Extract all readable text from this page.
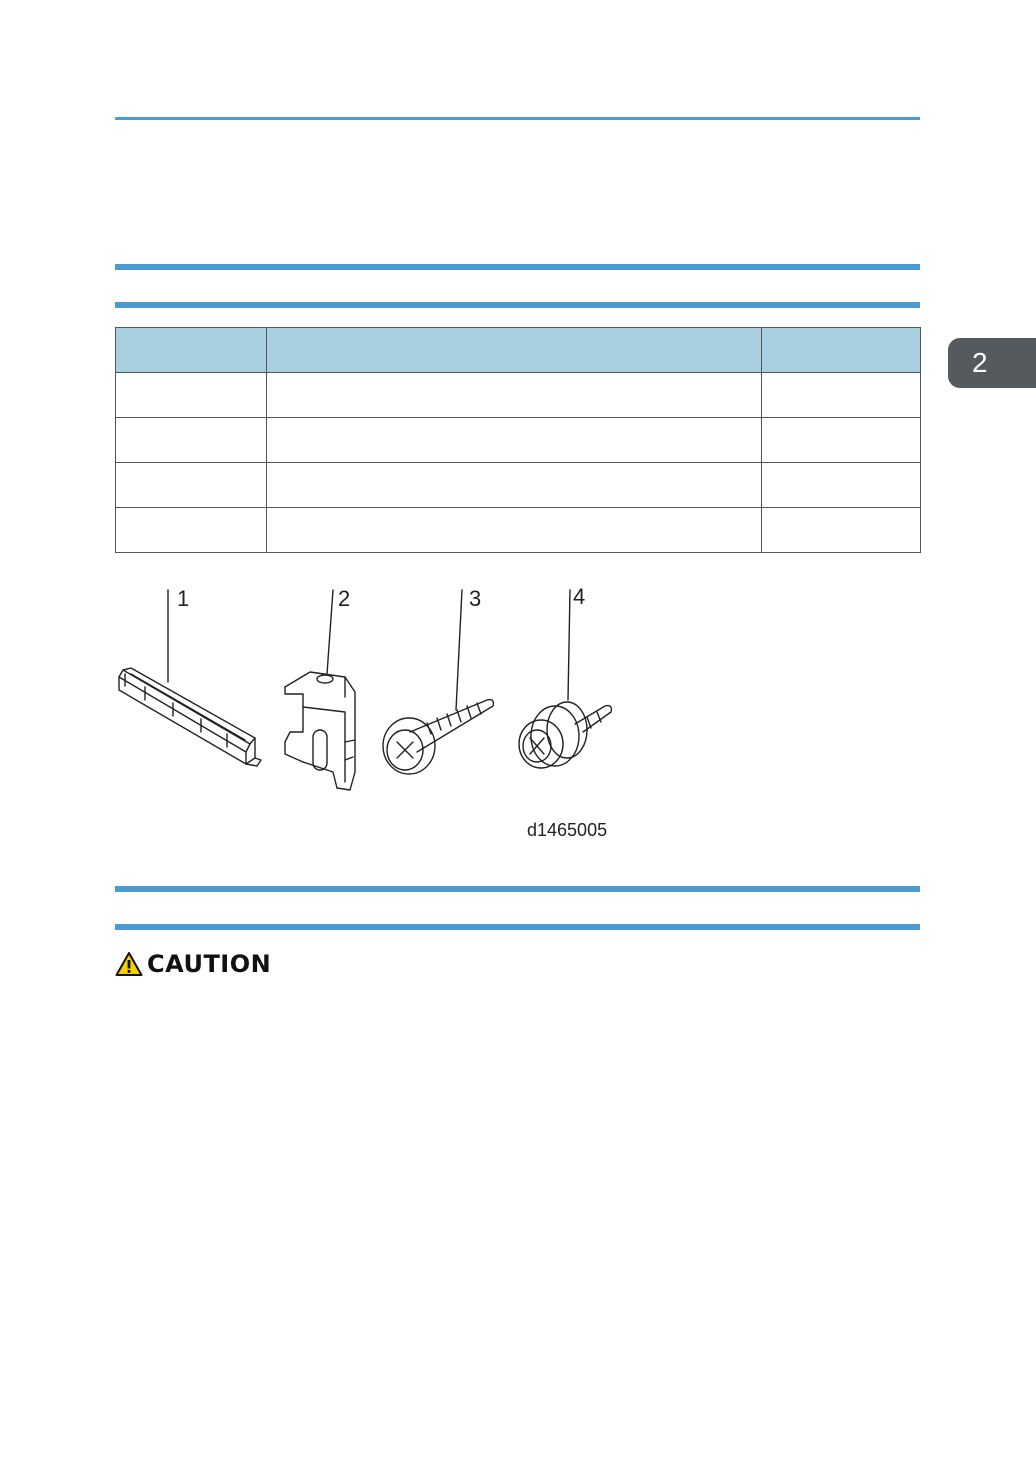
2

1	2	3	4
d1465005
CAUTION
